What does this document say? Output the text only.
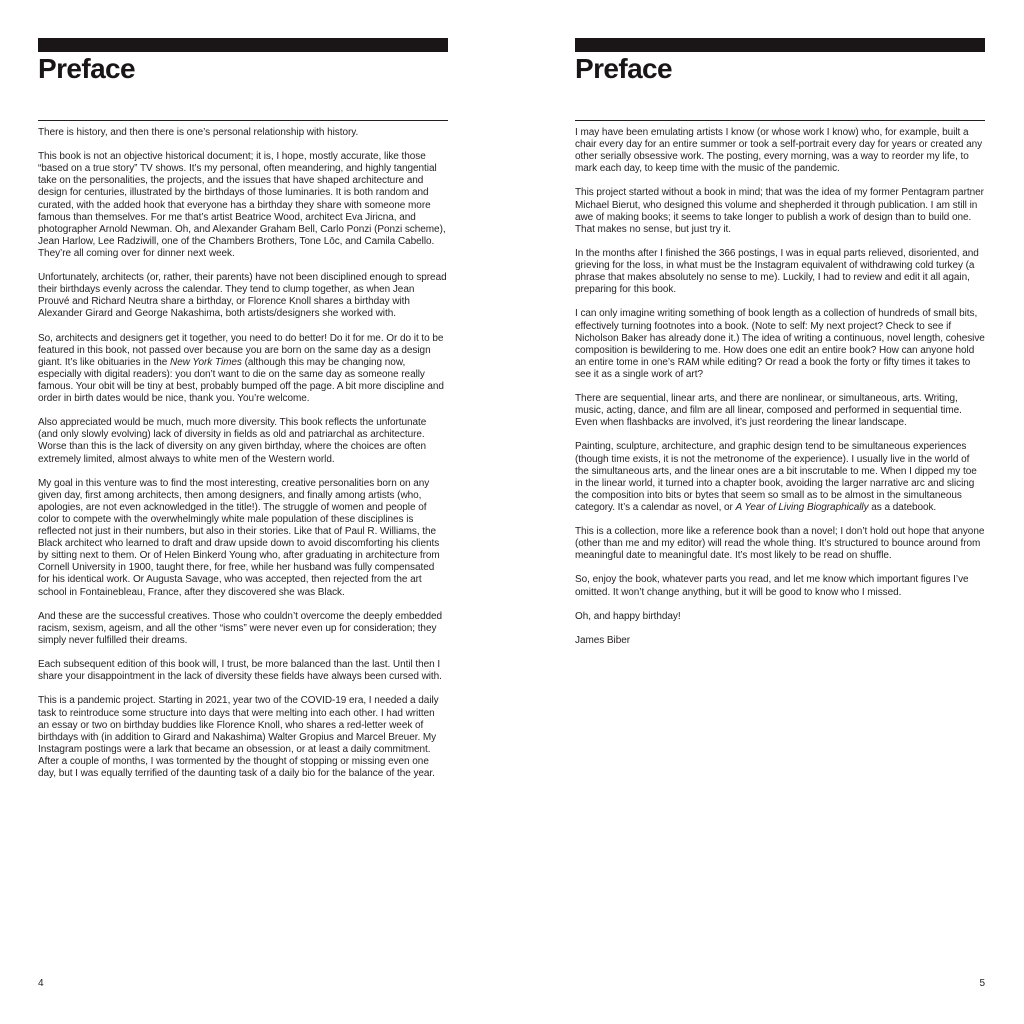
Preface

There is history, and then there is one’s personal relationship with history.

This book is not an objective historical document; it is, I hope, mostly accurate, like those “based on a true story” TV shows. It’s my personal, often meandering, and highly tangential take on the personalities, the projects, and the issues that have shaped architecture and design for centuries, illustrated by the birthdays of those luminaries. It is both random and curated, with the added hook that everyone has a birthday they share with someone more famous than themselves. For me that’s artist Beatrice Wood, architect Eva Jiricna, and photographer Arnold Newman. Oh, and Alexander Graham Bell, Carlo Ponzi (Ponzi scheme), Jean Harlow, Lee Radziwill, one of the Chambers Brothers, Tone Lōc, and Camila Cabello. They’re all coming over for dinner next week.

Unfortunately, architects (or, rather, their parents) have not been disciplined enough to spread their birthdays evenly across the calendar. They tend to clump together, as when Jean Prouvé and Richard Neutra share a birthday, or Florence Knoll shares a birthday with Alexander Girard and George Nakashima, both artists/designers she worked with.

So, architects and designers get it together, you need to do better! Do it for me. Or do it to be featured in this book, not passed over because you are born on the same day as a design giant. It’s like obituaries in the New York Times (although this may be changing now, especially with digital readers): you don’t want to die on the same day as someone really famous. Your obit will be tiny at best, probably bumped off the page. A bit more discipline and order in birth dates would be nice, thank you. You’re welcome.

Also appreciated would be much, much more diversity. This book reflects the unfortunate (and only slowly evolving) lack of diversity in fields as old and patriarchal as architecture. Worse than this is the lack of diversity on any given birthday, where the choices are often extremely limited, almost always to white men of the Western world.

My goal in this venture was to find the most interesting, creative personalities born on any given day, first among architects, then among designers, and finally among artists (who, apologies, are not even acknowledged in the title!). The struggle of women and people of color to compete with the overwhelmingly white male population of these disciplines is reflected not just in their numbers, but also in their stories. Like that of Paul R. Williams, the Black architect who learned to draft and draw upside down to avoid discomforting his clients by sitting next to them. Or of Helen Binkerd Young who, after graduating in architecture from Cornell University in 1900, taught there, for free, while her husband was fully compensated for his identical work. Or Augusta Savage, who was accepted, then rejected from the art school in Fontainebleau, France, after they discovered she was Black.

And these are the successful creatives. Those who couldn’t overcome the deeply embedded racism, sexism, ageism, and all the other “isms” were never even up for consideration; they simply never fulfilled their dreams.

Each subsequent edition of this book will, I trust, be more balanced than the last. Until then I share your disappointment in the lack of diversity these fields have always been cursed with.

This is a pandemic project. Starting in 2021, year two of the COVID-19 era, I needed a daily task to reintroduce some structure into days that were melting into each other. I had written an essay or two on birthday buddies like Florence Knoll, who shares a red-letter week of birthdays with (in addition to Girard and Nakashima) Walter Gropius and Marcel Breuer. My Instagram postings were a lark that became an obsession, or at least a daily commitment. After a couple of months, I was tormented by the thought of stopping or missing even one day, but I was equally terrified of the daunting task of a daily bio for the balance of the year.

4
Preface

I may have been emulating artists I know (or whose work I know) who, for example, built a chair every day for an entire summer or took a self-portrait every day for years or created any other serially obsessive work. The posting, every morning, was a way to reorder my life, to mark each day, to keep time with the music of the pandemic.

This project started without a book in mind; that was the idea of my former Pentagram partner Michael Bierut, who designed this volume and shepherded it through publication. I am still in awe of making books; it seems to take longer to publish a work of design than to build one. That makes no sense, but just try it.

In the months after I finished the 366 postings, I was in equal parts relieved, disoriented, and grieving for the loss, in what must be the Instagram equivalent of withdrawing cold turkey (a phrase that makes absolutely no sense to me). Luckily, I had to review and edit it all again, preparing for this book.

I can only imagine writing something of book length as a collection of hundreds of small bits, effectively turning footnotes into a book. (Note to self: My next project? Check to see if Nicholson Baker has already done it.) The idea of writing a continuous, novel length, cohesive composition is bewildering to me. How does one edit an entire book? How can anyone hold an entire tome in one’s RAM while editing? Or read a book the forty or fifty times it takes to see it as a single work of art?

There are sequential, linear arts, and there are nonlinear, or simultaneous, arts. Writing, music, acting, dance, and film are all linear, composed and performed in sequential time. Even when flashbacks are involved, it’s just reordering the linear landscape.

Painting, sculpture, architecture, and graphic design tend to be simultaneous experiences (though time exists, it is not the metronome of the experience). I usually live in the world of the simultaneous arts, and the linear ones are a bit inscrutable to me. When I dipped my toe in the linear world, it turned into a chapter book, avoiding the larger narrative arc and slicing the composition into bits or bytes that seem so small as to be almost in the simultaneous category. It’s a calendar as novel, or A Year of Living Biographically as a datebook.

This is a collection, more like a reference book than a novel; I don’t hold out hope that anyone (other than me and my editor) will read the whole thing. It’s structured to bounce around from meaningful date to meaningful date. It’s most likely to be read on shuffle.

So, enjoy the book, whatever parts you read, and let me know which important figures I’ve omitted. It won’t change anything, but it will be good to know who I missed.

Oh, and happy birthday!

James Biber

5
